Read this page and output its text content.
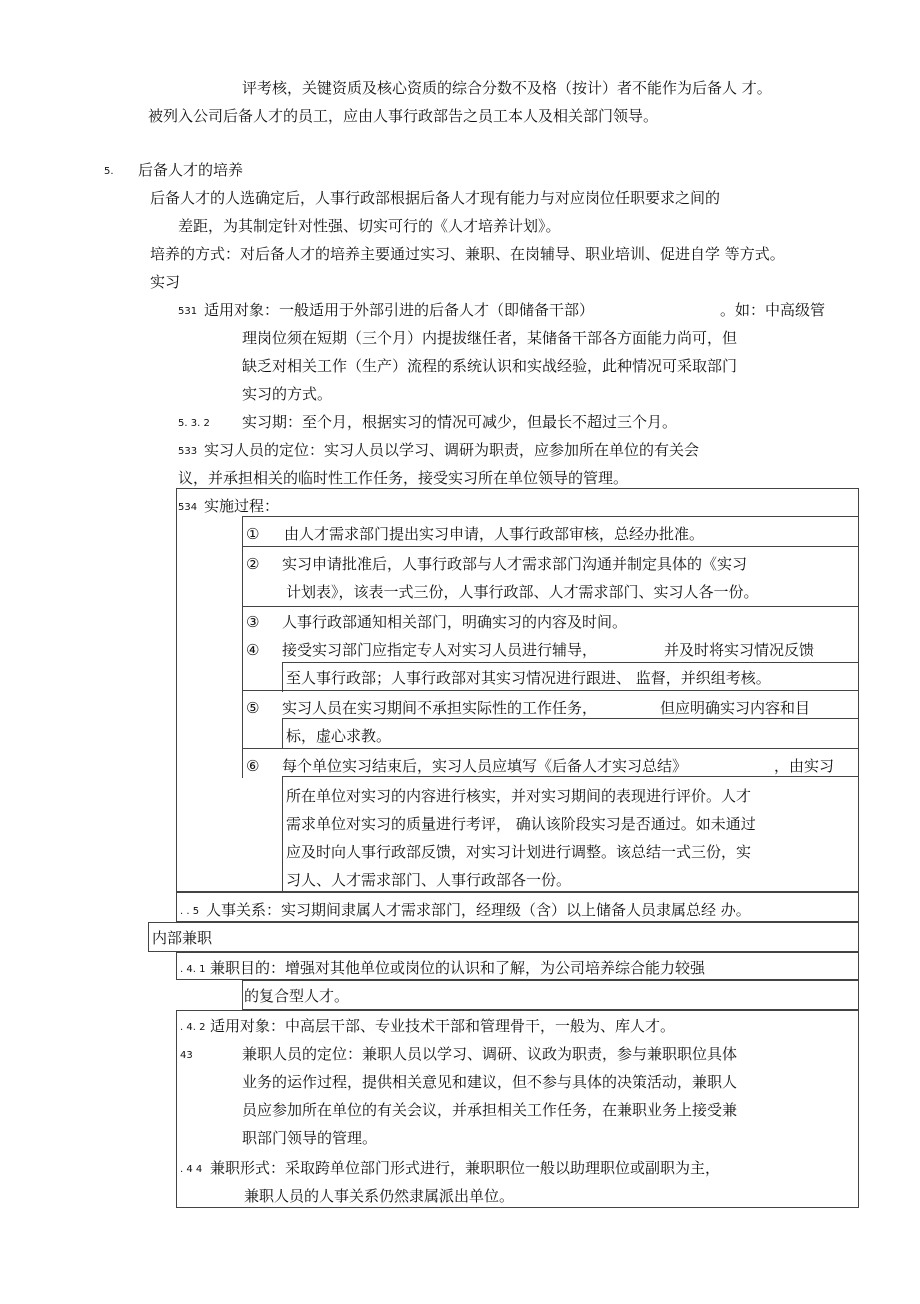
评考核，关键资质及核心资质的综合分数不及格（按计）者不能作为后备人 才。
被列入公司后备人才的员工，应由人事行政部告之员工本人及相关部门领导。
5. 后备人才的培养
后备人才的人选确定后，人事行政部根据后备人才现有能力与对应岗位任职要求之间的
差距，为其制定针对性强、切实可行的《人才培养计划》。
培养的方式：对后备人才的培养主要通过实习、兼职、在岗辅导、职业培训、促进自学 等方式。
实习
531 适用对象：一般适用于外部引进的后备人才（即储备干部）	。如：中高级管
理岗位须在短期（三个月）内提拔继任者，某储备干部各方面能力尚可，但
缺乏对相关工作（生产）流程的系统认识和实战经验，此种情况可采取部门
实习的方式。
5. 3. 2 实习期：至个月，根据实习的情况可减少，但最长不超过三个月。
533 实习人员的定位：实习人员以学习、调研为职责，应参加所在单位的有关会
议，并承担相关的临时性工作任务，接受实习所在单位领导的管理。
534 实施过程：
① 由人才需求部门提出实习申请，人事行政部审核，总经办批准。
② 实习申请批准后，人事行政部与人才需求部门沟通并制定具体的《实习
计划表》，该表一式三份，人事行政部、人才需求部门、实习人各一份。
③ 人事行政部通知相关部门，明确实习的内容及时间。
④ 接受实习部门应指定专人对实习人员进行辅导，	并及时将实习情况反馈
至人事行政部；人事行政部对其实习情况进行跟进、 监督，并织组考核。
⑤ 实习人员在实习期间不承担实际性的工作任务，	但应明确实习内容和目
标，虚心求教。
⑥ 每个单位实习结束后，实习人员应填写《后备人才实习总结》	，由实习
所在单位对实习的内容进行核实，并对实习期间的表现进行评价。人才
需求单位对实习的质量进行考评， 确认该阶段实习是否通过。如未通过
应及时向人事行政部反馈，对实习计划进行调整。该总结一式三份，实
习人、人才需求部门、人事行政部各一份。
. . 5 人事关系：实习期间隶属人才需求部门，经理级（含）以上储备人员隶属总经 办。
内部兼职
. 4. 1 兼职目的：增强对其他单位或岗位的认识和了解，为公司培养综合能力较强
的复合型人才。
. 4. 2 适用对象：中高层干部、专业技术干部和管理骨干，一般为、库人才。
43	兼职人员的定位：兼职人员以学习、调研、议政为职责，参与兼职职位具体
业务的运作过程，提供相关意见和建议，但不参与具体的决策活动，兼职人
员应参加所在单位的有关会议，并承担相关工作任务，在兼职业务上接受兼
职部门领导的管理。
. 4 4 兼职形式：采取跨单位部门形式进行，兼职职位一般以助理职位或副职为主，
兼职人员的人事关系仍然隶属派出单位。
